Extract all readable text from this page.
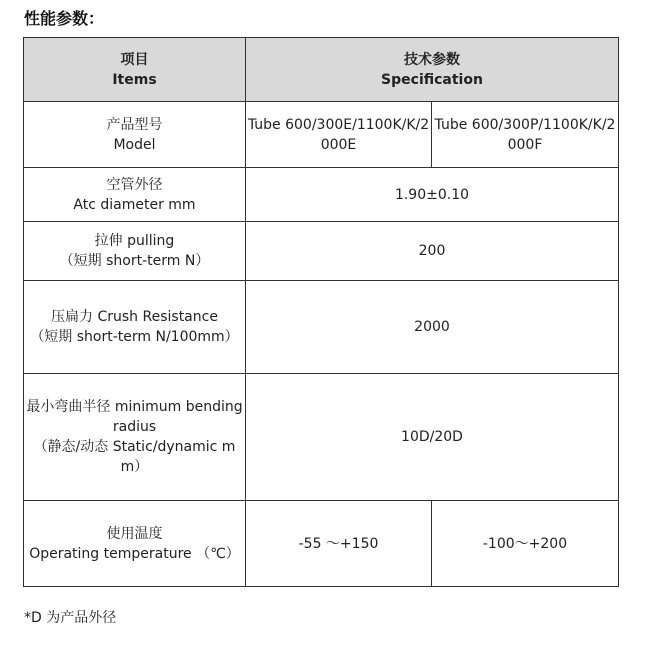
性能参数：
项目
Items	技术参数
Specification	

产品型号
Model	Tube 600/300E/1100K/K/2000E	Tube 600/300P/1100K/K/2000F

空管外径
Atc diameter mm	1.90±0.10	

拉伸 pulling
（短期 short-term N）	200	

压扁力 Crush Resistance
（短期 short-term N/100mm）	2000	

最小弯曲半径 minimum bending radius
（静态/动态 Static/dynamic mm）	10D/20D	

使用温度
Operating temperature （℃）	-55 ～+150	-100～+200
*D 为产品外径
